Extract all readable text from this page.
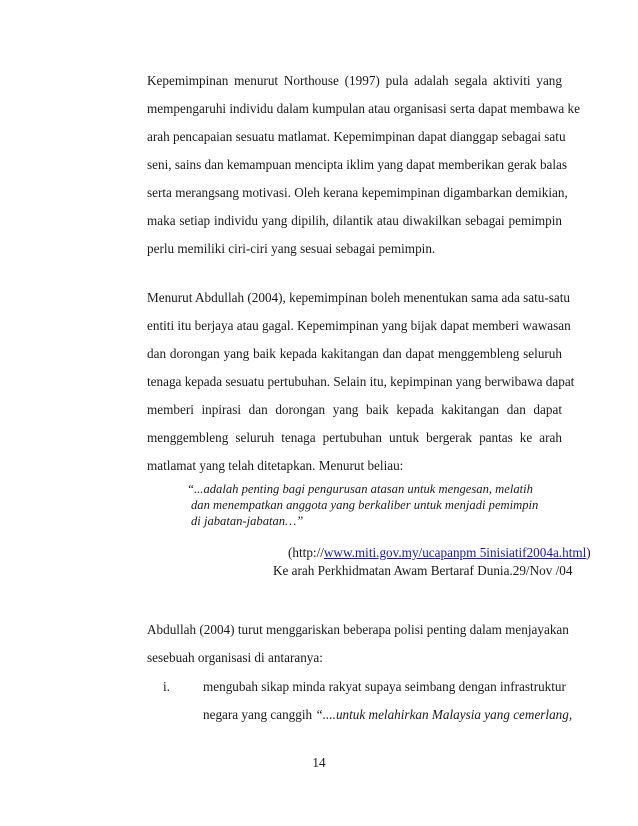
Kepemimpinan menurut Northouse (1997) pula adalah segala aktiviti yang
mempengaruhi individu dalam kumpulan atau organisasi serta dapat membawa ke
arah pencapaian sesuatu matlamat. Kepemimpinan dapat dianggap sebagai satu
seni, sains dan kemampuan mencipta iklim yang dapat memberikan gerak balas
serta merangsang motivasi. Oleh kerana kepemimpinan digambarkan demikian,
maka setiap individu yang dipilih, dilantik atau diwakilkan sebagai pemimpin
perlu memiliki ciri-ciri yang sesuai sebagai pemimpin.
Menurut Abdullah (2004), kepemimpinan boleh menentukan sama ada satu-satu
entiti itu berjaya atau gagal. Kepemimpinan yang bijak dapat memberi wawasan
dan dorongan yang baik kepada kakitangan dan dapat menggembleng seluruh
tenaga kepada sesuatu pertubuhan. Selain itu, kepimpinan yang berwibawa dapat
memberi inpirasi dan dorongan yang baik kepada kakitangan dan dapat
menggembleng seluruh tenaga pertubuhan untuk bergerak pantas ke arah
matlamat yang telah ditetapkan. Menurut beliau:
“...adalah penting bagi pengurusan atasan untuk mengesan, melatih
dan menempatkan anggota yang berkaliber untuk menjadi pemimpin
di jabatan-jabatan…”
(http://www.miti.gov.my/ucapanpm 5inisiatif2004a.html)
Ke arah Perkhidmatan Awam Bertaraf Dunia.29/Nov /04
Abdullah (2004) turut menggariskan beberapa polisi penting dalam menjayakan
sesebuah organisasi di antaranya:
i.	mengubah sikap minda rakyat supaya seimbang dengan infrastruktur
negara yang canggih “....untuk melahirkan Malaysia yang cemerlang,
14
